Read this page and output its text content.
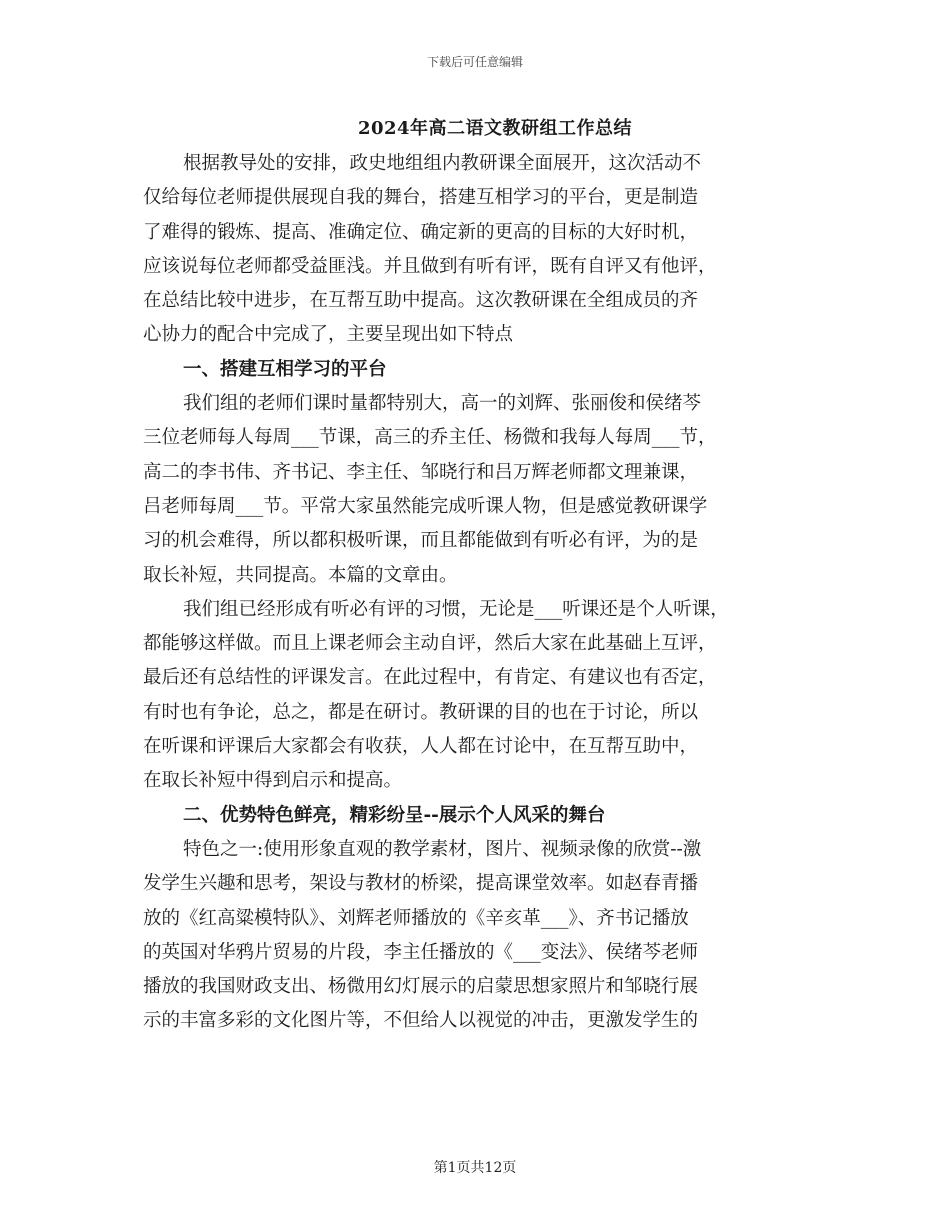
下载后可任意编辑
2024年高二语文教研组工作总结
根据教导处的安排，政史地组组内教研课全面展开，这次活动不
仅给每位老师提供展现自我的舞台，搭建互相学习的平台，更是制造
了难得的锻炼、提高、准确定位、确定新的更高的目标的大好时机，
应该说每位老师都受益匪浅。并且做到有听有评，既有自评又有他评，
在总结比较中进步，在互帮互助中提高。这次教研课在全组成员的齐
心协力的配合中完成了，主要呈现出如下特点
一、搭建互相学习的平台
我们组的老师们课时量都特别大，高一的刘辉、张丽俊和侯绪芩
三位老师每人每周___节课，高三的乔主任、杨微和我每人每周___节，
高二的李书伟、齐书记、李主任、邹晓行和吕万辉老师都文理兼课，
吕老师每周___节。平常大家虽然能完成听课人物，但是感觉教研课学
习的机会难得，所以都积极听课，而且都能做到有听必有评，为的是
取长补短，共同提高。本篇的文章由。
我们组已经形成有听必有评的习惯，无论是___听课还是个人听课，
都能够这样做。而且上课老师会主动自评，然后大家在此基础上互评，
最后还有总结性的评课发言。在此过程中，有肯定、有建议也有否定，
有时也有争论，总之，都是在研讨。教研课的目的也在于讨论，所以
在听课和评课后大家都会有收获，人人都在讨论中，在互帮互助中，
在取长补短中得到启示和提高。
二、优势特色鲜亮，精彩纷呈--展示个人风采的舞台
特色之一:使用形象直观的教学素材，图片、视频录像的欣赏--激
发学生兴趣和思考，架设与教材的桥梁，提高课堂效率。如赵春青播
放的《红高粱模特队》、刘辉老师播放的《辛亥革___》、齐书记播放
的英国对华鸦片贸易的片段，李主任播放的《___变法》、侯绪芩老师
播放的我国财政支出、杨微用幻灯展示的启蒙思想家照片和邹晓行展
示的丰富多彩的文化图片等，不但给人以视觉的冲击，更激发学生的
第1页共12页
